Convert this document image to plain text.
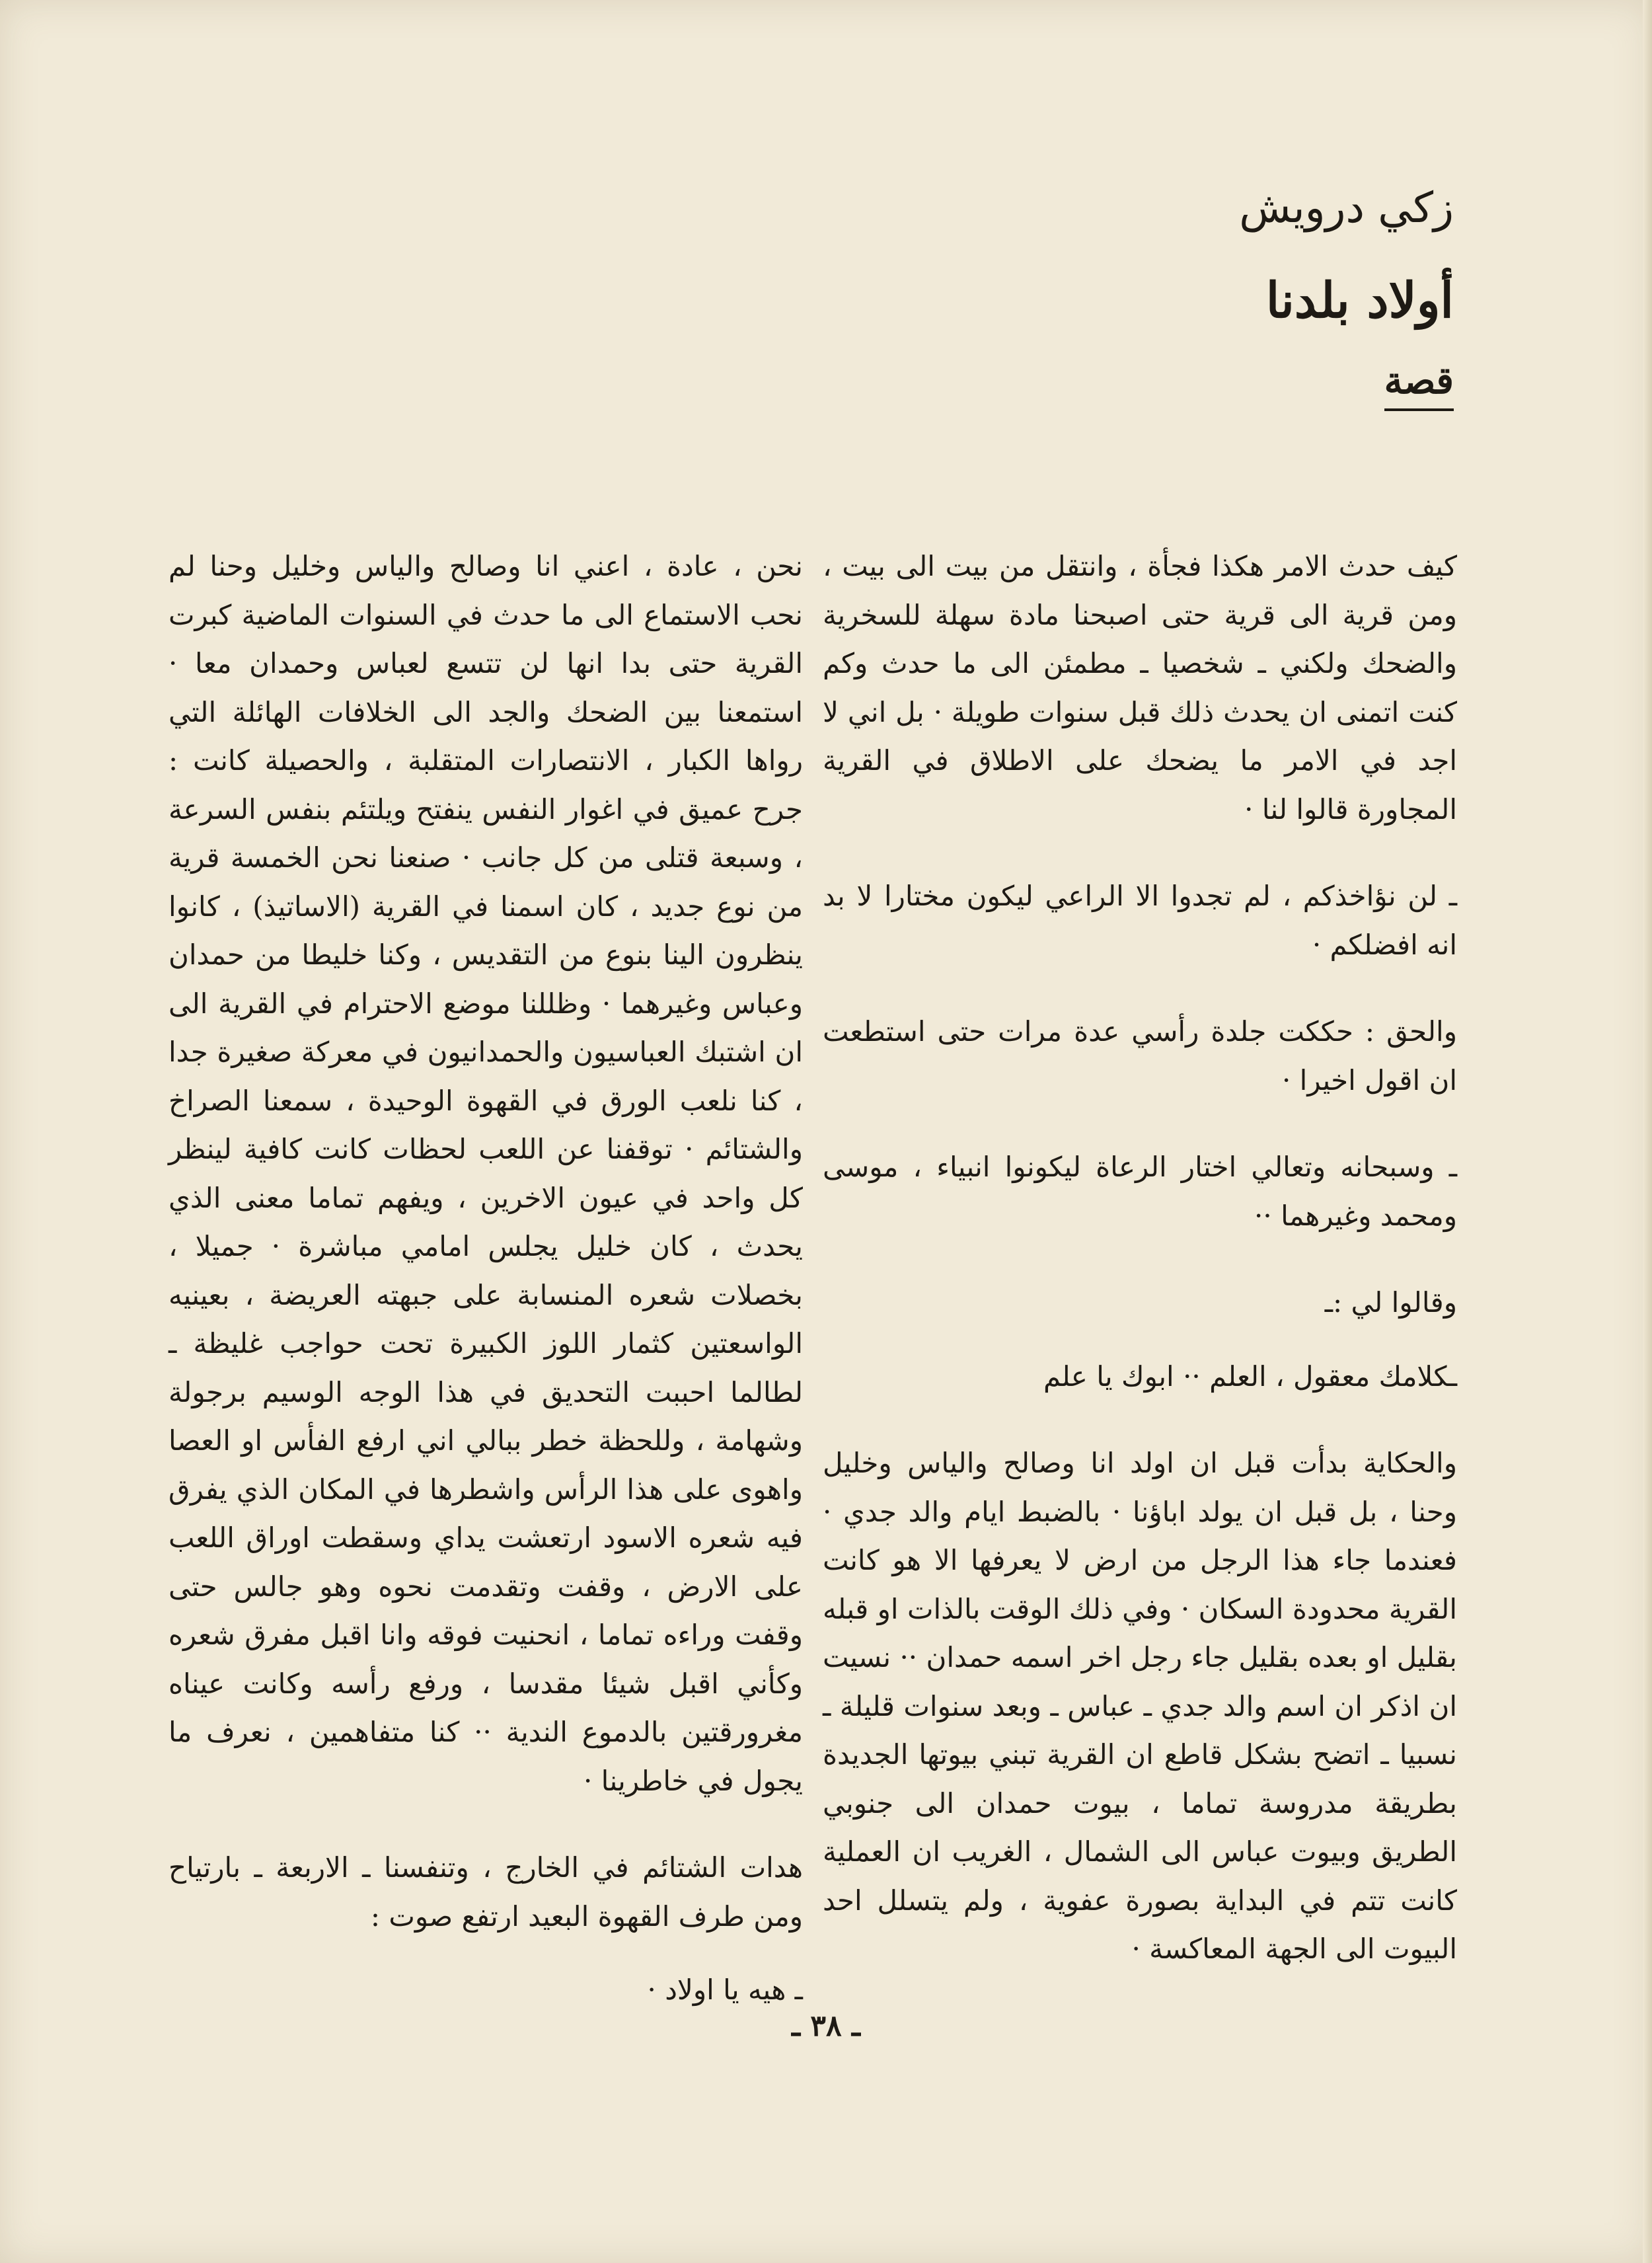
زكي درويش
أولاد بلدنا
قصة

كيف حدث الامر هكذا فجأة ، وانتقل من بيت الى بيت ، ومن قرية الى قرية حتى اصبحنا مادة سهلة للسخرية والضحك ولكني ـ شخصيا ـ مطمئن الى ما حدث وكم كنت اتمنى ان يحدث ذلك قبل سنوات طويلة · بل اني لا اجد في الامر ما يضحك على الاطلاق في القرية المجاورة قالوا لنا ·

ـ لن نؤاخذكم ، لم تجدوا الا الراعي ليكون مختارا لا بد انه افضلكم ·

والحق : حككت جلدة رأسي عدة مرات حتى استطعت ان اقول اخيرا ·

ـ وسبحانه وتعالي اختار الرعاة ليكونوا انبياء ، موسى ومحمد وغيرهما ··

وقالوا لي :ـ

ـكلامك معقول ، العلم ·· ابوك يا علم

والحكاية بدأت قبل ان اولد انا وصالح والياس وخليل وحنا ، بل قبل ان يولد اباؤنا · بالضبط ايام والد جدي · فعندما جاء هذا الرجل من ارض لا يعرفها الا هو كانت القرية محدودة السكان · وفي ذلك الوقت بالذات او قبله بقليل او بعده بقليل جاء رجل اخر اسمه حمدان ·· نسيت ان اذكر ان اسم والد جدي ـ عباس ـ وبعد سنوات قليلة ـ نسبيا ـ اتضح بشكل قاطع ان القرية تبني بيوتها الجديدة بطريقة مدروسة تماما ، بيوت حمدان الى جنوبي الطريق وبيوت عباس الى الشمال ، الغريب ان العملية كانت تتم في البداية بصورة عفوية ، ولم يتسلل احد البيوت الى الجهة المعاكسة ·

نحن ، عادة ، اعني انا وصالح والياس وخليل وحنا لم نحب الاستماع الى ما حدث في السنوات الماضية كبرت القرية حتى بدا انها لن تتسع لعباس وحمدان معا · استمعنا بين الضحك والجد الى الخلافات الهائلة التي رواها الكبار ، الانتصارات المتقلبة ، والحصيلة كانت : جرح عميق في اغوار النفس ينفتح ويلتئم بنفس السرعة ، وسبعة قتلى من كل جانب · صنعنا نحن الخمسة قرية من نوع جديد ، كان اسمنا في القرية (الاساتيذ) ، كانوا ينظرون الينا بنوع من التقديس ، وكنا خليطا من حمدان وعباس وغيرهما · وظللنا موضع الاحترام في القرية الى ان اشتبك العباسيون والحمدانيون في معركة صغيرة جدا ، كنا نلعب الورق في القهوة الوحيدة ، سمعنا الصراخ والشتائم · توقفنا عن اللعب لحظات كانت كافية لينظر كل واحد في عيون الاخرين ، ويفهم تماما معنى الذي يحدث ، كان خليل يجلس امامي مباشرة · جميلا ، بخصلات شعره المنسابة على جبهته العريضة ، بعينيه الواسعتين كثمار اللوز الكبيرة تحت حواجب غليظة ـ لطالما احببت التحديق في هذا الوجه الوسيم برجولة وشهامة ، وللحظة خطر ببالي اني ارفع الفأس او العصا واهوى على هذا الرأس واشطرها في المكان الذي يفرق فيه شعره الاسود ارتعشت يداي وسقطت اوراق اللعب على الارض ، وقفت وتقدمت نحوه وهو جالس حتى وقفت وراءه تماما ، انحنيت فوقه وانا اقبل مفرق شعره وكأني اقبل شيئا مقدسا ، ورفع رأسه وكانت عيناه مغرورقتين بالدموع الندية ·· كنا متفاهمين ، نعرف ما يجول في خاطرينا ·

هدات الشتائم في الخارج ، وتنفسنا ـ الاربعة ـ بارتياح ومن طرف القهوة البعيد ارتفع صوت :

ـ هيه يا اولاد ·

ـ ٣٨ ـ
